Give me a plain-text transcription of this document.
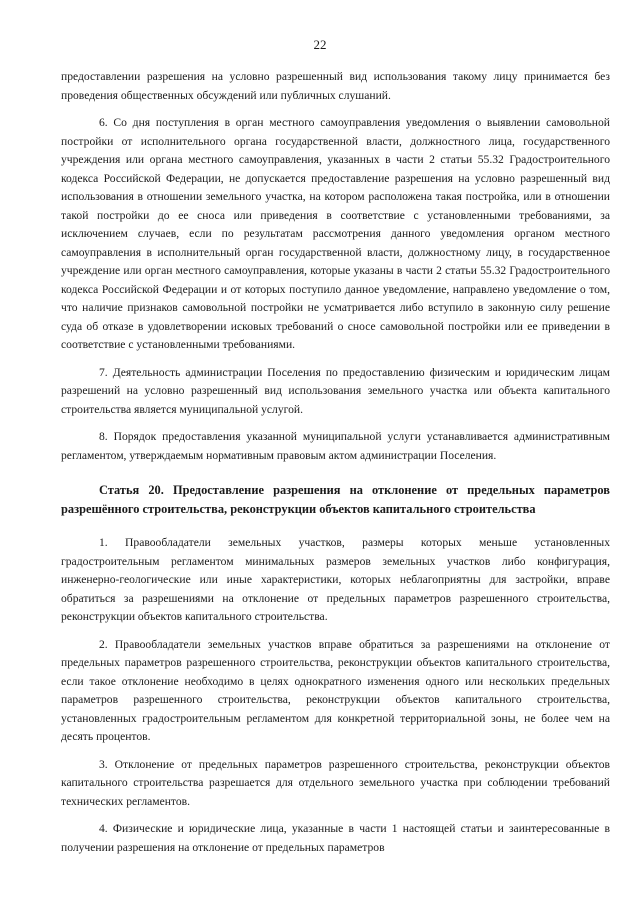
22

предоставлении разрешения на условно разрешенный вид использования такому лицу принимается без проведения общественных обсуждений или публичных слушаний.

6. Со дня поступления в орган местного самоуправления уведомления о выявлении самовольной постройки от исполнительного органа государственной власти, должностного лица, государственного учреждения или органа местного самоуправления, указанных в части 2 статьи 55.32 Градостроительного кодекса Российской Федерации, не допускается предоставление разрешения на условно разрешенный вид использования в отношении земельного участка, на котором расположена такая постройка, или в отношении такой постройки до ее сноса или приведения в соответствие с установленными требованиями, за исключением случаев, если по результатам рассмотрения данного уведомления органом местного самоуправления в исполнительный орган государственной власти, должностному лицу, в государственное учреждение или орган местного самоуправления, которые указаны в части 2 статьи 55.32 Градостроительного кодекса Российской Федерации и от которых поступило данное уведомление, направлено уведомление о том, что наличие признаков самовольной постройки не усматривается либо вступило в законную силу решение суда об отказе в удовлетворении исковых требований о сносе самовольной постройки или ее приведении в соответствие с установленными требованиями.

7. Деятельность администрации Поселения по предоставлению физическим и юридическим лицам разрешений на условно разрешенный вид использования земельного участка или объекта капитального строительства является муниципальной услугой.

8. Порядок предоставления указанной муниципальной услуги устанавливается административным регламентом, утверждаемым нормативным правовым актом администрации Поселения.

Статья 20. Предоставление разрешения на отклонение от предельных параметров разрешённого строительства, реконструкции объектов капитального строительства

1. Правообладатели земельных участков, размеры которых меньше установленных градостроительным регламентом минимальных размеров земельных участков либо конфигурация, инженерно-геологические или иные характеристики, которых неблагоприятны для застройки, вправе обратиться за разрешениями на отклонение от предельных параметров разрешенного строительства, реконструкции объектов капитального строительства.

2. Правообладатели земельных участков вправе обратиться за разрешениями на отклонение от предельных параметров разрешенного строительства, реконструкции объектов капитального строительства, если такое отклонение необходимо в целях однократного изменения одного или нескольких предельных параметров разрешенного строительства, реконструкции объектов капитального строительства, установленных градостроительным регламентом для конкретной территориальной зоны, не более чем на десять процентов.

3. Отклонение от предельных параметров разрешенного строительства, реконструкции объектов капитального строительства разрешается для отдельного земельного участка при соблюдении требований технических регламентов.

4. Физические и юридические лица, указанные в части 1 настоящей статьи и заинтересованные в получении разрешения на отклонение от предельных параметров
